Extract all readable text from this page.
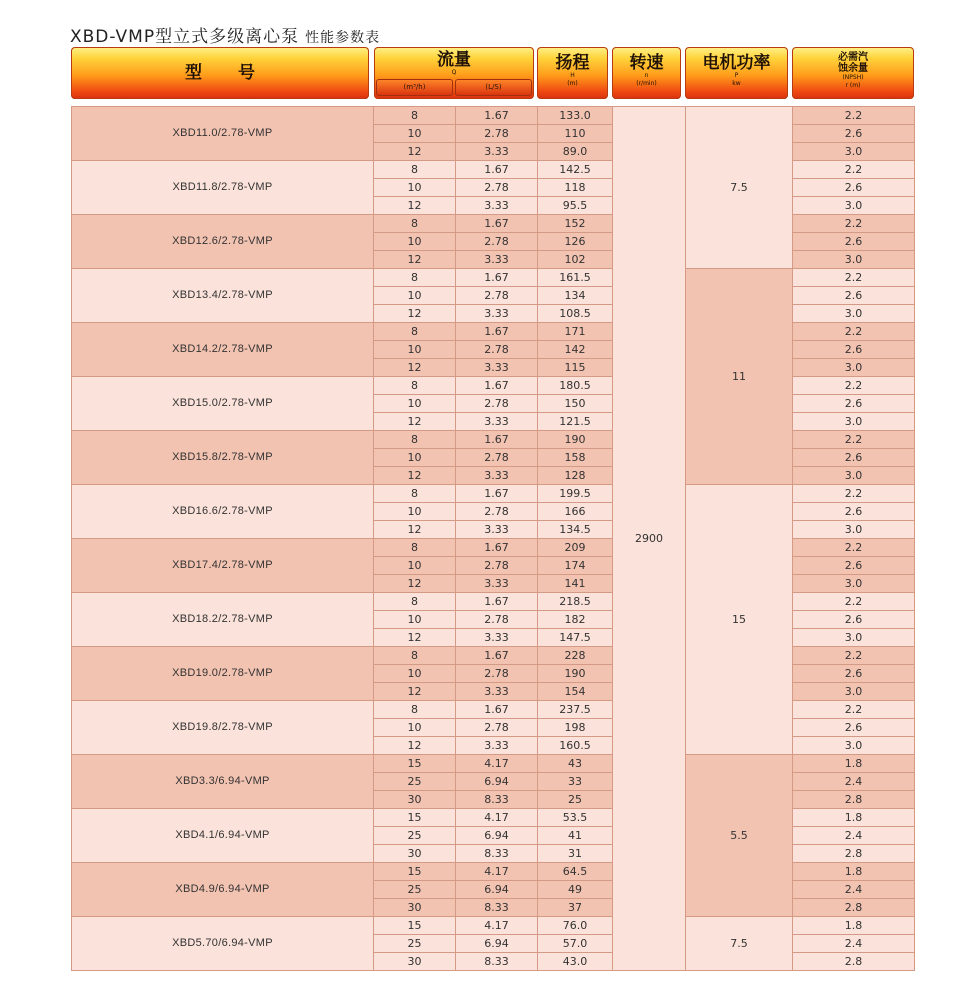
XBD-VMP型立式多级离心泵 性能参数表
型号
流量
Q
(m³/h)	(L/S)
扬程
H
(m)
转速
n
(r/min)
电机功率
P
kw
必需汽
蚀余量
(NPSH)
r (m)
XBD11.0/2.78-VMP	8	1.67	133.0	2900	7.5	2.2
	10	2.78	110			2.6
	12	3.33	89.0			3.0
XBD11.8/2.78-VMP	8	1.67	142.5			2.2
	10	2.78	118			2.6
	12	3.33	95.5			3.0
XBD12.6/2.78-VMP	8	1.67	152			2.2
	10	2.78	126			2.6
	12	3.33	102			3.0
XBD13.4/2.78-VMP	8	1.67	161.5		11	2.2
	10	2.78	134			2.6
	12	3.33	108.5			3.0
XBD14.2/2.78-VMP	8	1.67	171			2.2
	10	2.78	142			2.6
	12	3.33	115			3.0
XBD15.0/2.78-VMP	8	1.67	180.5			2.2
	10	2.78	150			2.6
	12	3.33	121.5			3.0
XBD15.8/2.78-VMP	8	1.67	190			2.2
	10	2.78	158			2.6
	12	3.33	128			3.0
XBD16.6/2.78-VMP	8	1.67	199.5		15	2.2
	10	2.78	166			2.6
	12	3.33	134.5			3.0
XBD17.4/2.78-VMP	8	1.67	209			2.2
	10	2.78	174			2.6
	12	3.33	141			3.0
XBD18.2/2.78-VMP	8	1.67	218.5			2.2
	10	2.78	182			2.6
	12	3.33	147.5			3.0
XBD19.0/2.78-VMP	8	1.67	228			2.2
	10	2.78	190			2.6
	12	3.33	154			3.0
XBD19.8/2.78-VMP	8	1.67	237.5			2.2
	10	2.78	198			2.6
	12	3.33	160.5			3.0
XBD3.3/6.94-VMP	15	4.17	43		5.5	1.8
	25	6.94	33			2.4
	30	8.33	25			2.8
XBD4.1/6.94-VMP	15	4.17	53.5			1.8
	25	6.94	41			2.4
	30	8.33	31			2.8
XBD4.9/6.94-VMP	15	4.17	64.5			1.8
	25	6.94	49			2.4
	30	8.33	37			2.8
XBD5.70/6.94-VMP	15	4.17	76.0		7.5	1.8
	25	6.94	57.0			2.4
	30	8.33	43.0			2.8
